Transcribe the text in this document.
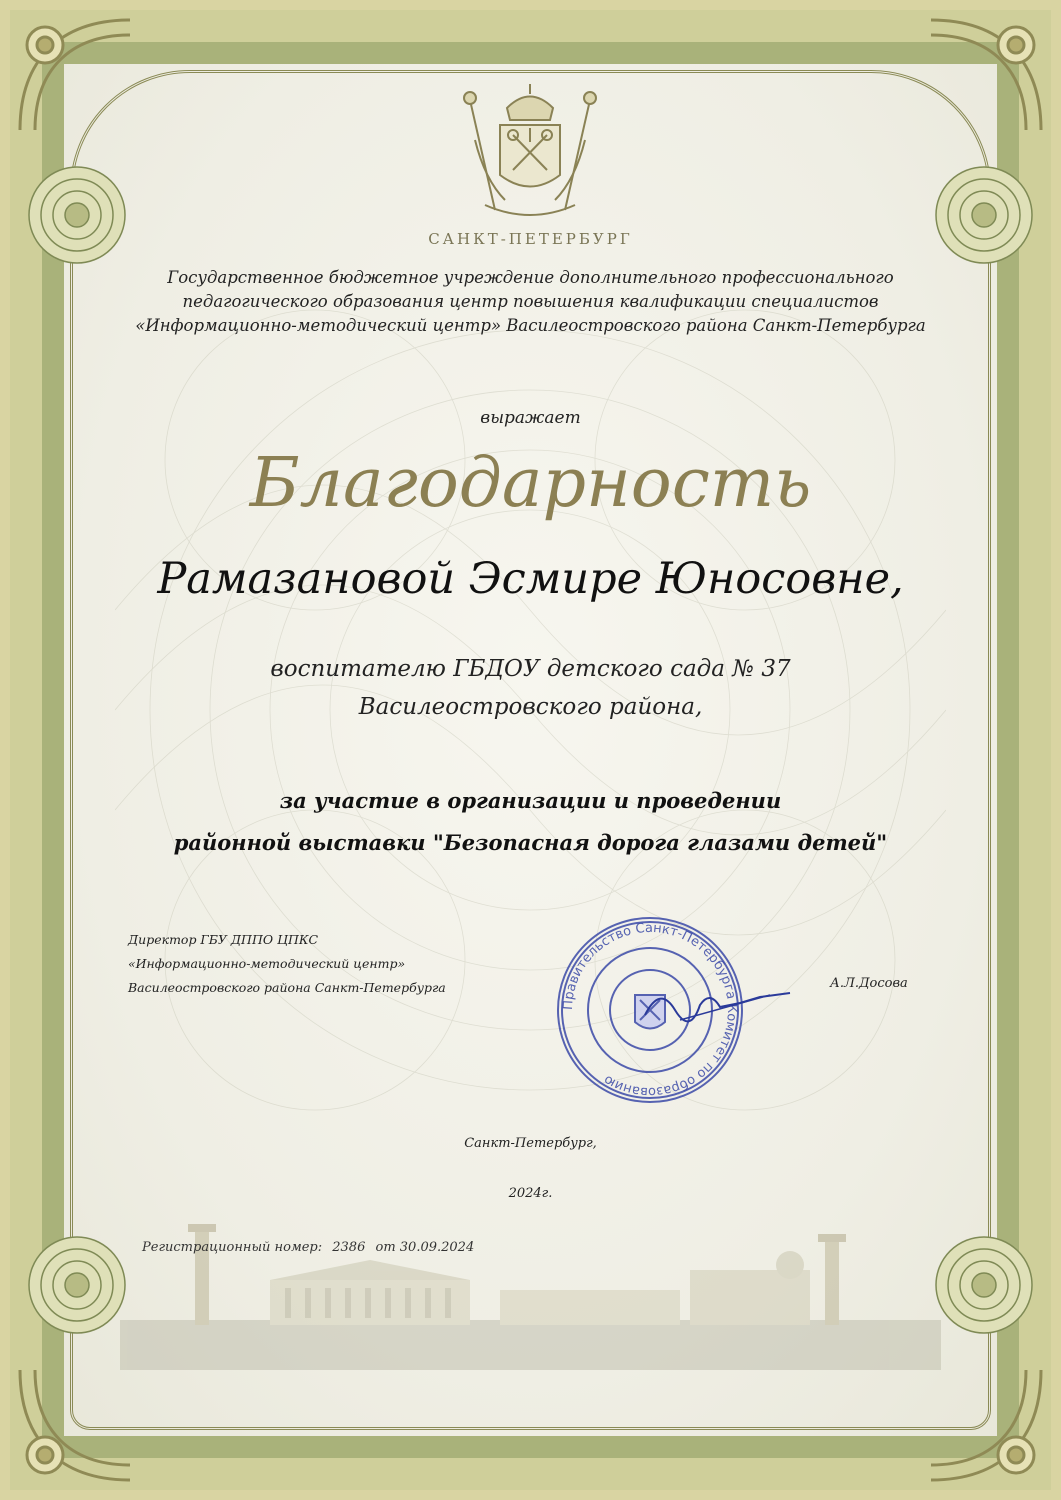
САНКТ-ПЕТЕРБУРГ
Государственное бюджетное учреждение дополнительного профессионального
педагогического образования центр повышения квалификации специалистов
«Информационно-методический центр» Василеостровского района Санкт-Петербурга
выражает
Благодарность
Рамазановой Эсмире Юносовне,
воспитателю ГБДОУ детского сада № 37
Василеостровского района,
за участие в организации и проведении
районной выставки "Безопасная дорога глазами детей"
Директор ГБУ ДППО ЦПКС
«Информационно-методический центр»
Василеостровского района Санкт-Петербурга
Правительство Санкт-Петербурга Комитет по образованию
А.Л.Досова
Санкт-Петербург,
2024г.
Регистрационный номер: 2386 от 30.09.2024
